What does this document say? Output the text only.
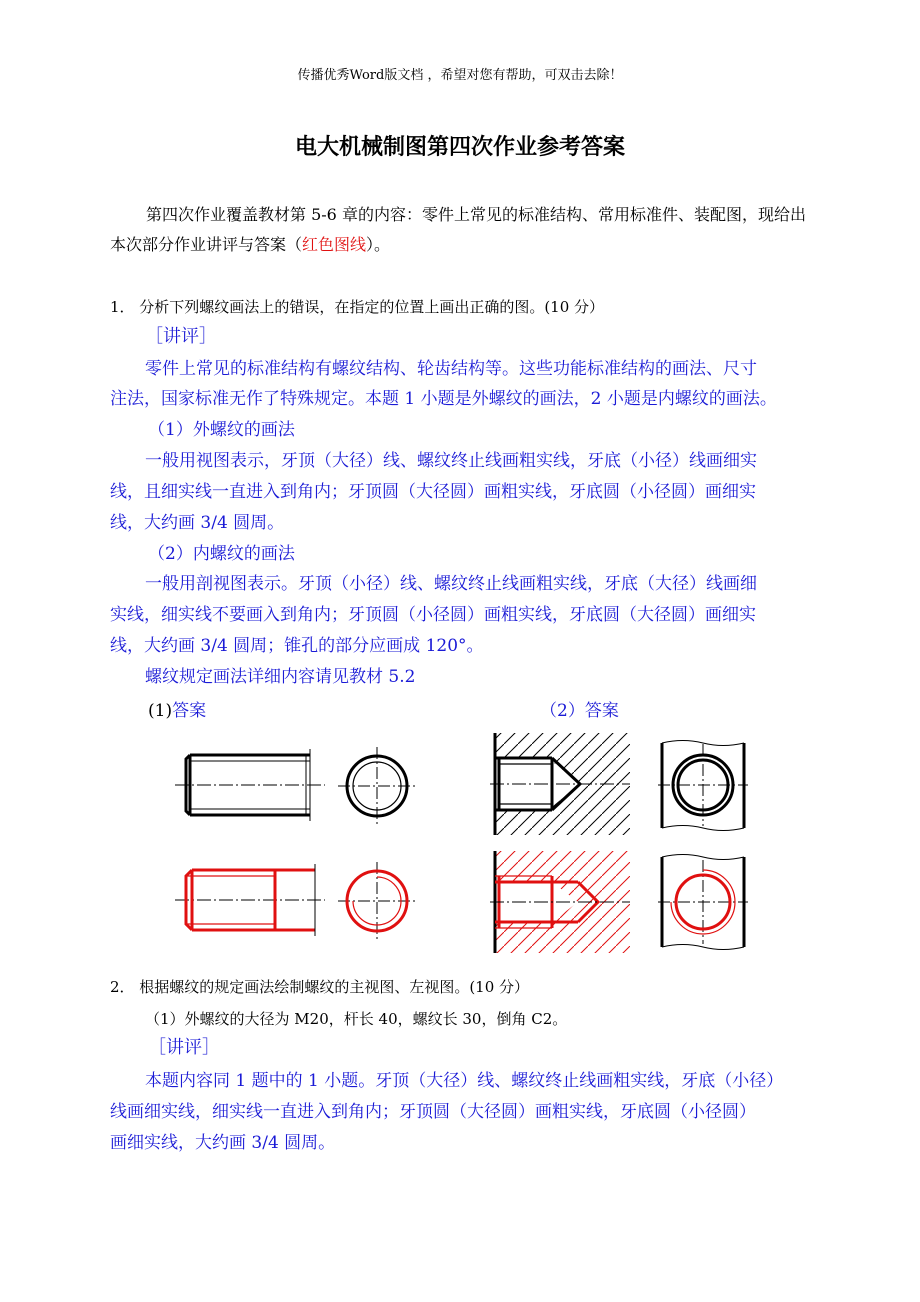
传播优秀Word版文档 ，希望对您有帮助，可双击去除！
电大机械制图第四次作业参考答案
第四次作业覆盖教材第 5-6 章的内容：零件上常见的标准结构、常用标准件、装配图，现给出
本次部分作业讲评与答案（红色图线）。
1． 分析下列螺纹画法上的错误，在指定的位置上画出正确的图。(10 分）
［讲评］
零件上常见的标准结构有螺纹结构、轮齿结构等。这些功能标准结构的画法、尺寸
注法，国家标准无作了特殊规定。本题 1 小题是外螺纹的画法，2 小题是内螺纹的画法。
（1）外螺纹的画法
一般用视图表示，牙顶（大径）线、螺纹终止线画粗实线，牙底（小径）线画细实
线，且细实线一直进入到角内；牙顶圆（大径圆）画粗实线，牙底圆（小径圆）画细实
线，大约画 3/4 圆周。
（2）内螺纹的画法
一般用剖视图表示。牙顶（小径）线、螺纹终止线画粗实线，牙底（大径）线画细
实线，细实线不要画入到角内；牙顶圆（小径圆）画粗实线，牙底圆（大径圆）画细实
线，大约画 3/4 圆周；锥孔的部分应画成 120°。
螺纹规定画法详细内容请见教材 5.2
(1)答案	（2）答案
2． 根据螺纹的规定画法绘制螺纹的主视图、左视图。(10 分）
（1）外螺纹的大径为 M20，杆长 40，螺纹长 30，倒角 C2。
［讲评］
本题内容同 1 题中的 1 小题。牙顶（大径）线、螺纹终止线画粗实线，牙底（小径）
线画细实线，细实线一直进入到角内；牙顶圆（大径圆）画粗实线，牙底圆（小径圆）
画细实线，大约画 3/4 圆周。
